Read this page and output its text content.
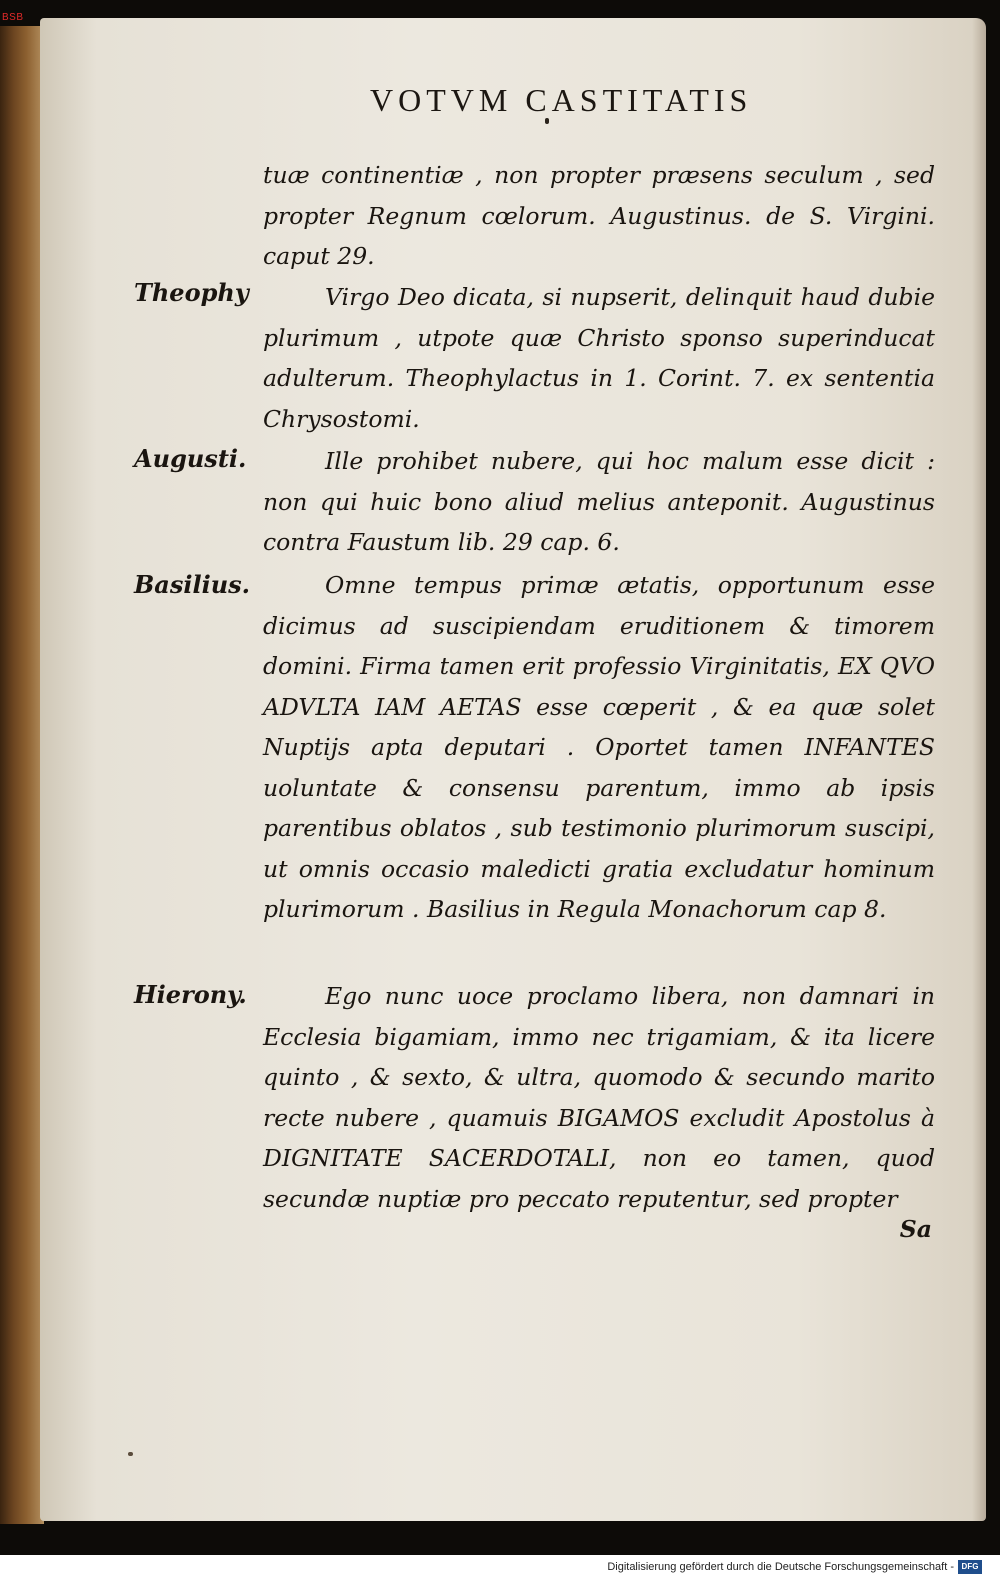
BSB
VOTVM CASTITATIS
Theophy
Augusti.
Basilius.
Hierony.

tuæ continentiæ , non propter præsens seculum , sed propter Regnum cœlorum. Augustinus. de S. Virgini. caput 29.

Virgo Deo dicata, si nupserit, delinquit haud dubie plurimum , utpote quæ Christo sponso superinducat adulterum. Theophylactus in 1. Corint. 7. ex sententia Chrysostomi.

Ille prohibet nubere, qui hoc malum esse dicit : non qui huic bono aliud melius anteponit. Augustinus contra Faustum lib. 29 cap. 6.

Omne tempus primæ ætatis, opportunum esse dicimus ad suscipiendam eruditionem & timorem domini. Firma tamen erit professio Virginitatis, EX QVO ADVLTA IAM AETAS esse cœperit , & ea quæ solet Nuptijs apta deputari . Oportet tamen INFANTES uoluntate & consensu parentum, immo ab ipsis parentibus oblatos , sub testimonio plurimorum suscipi, ut omnis occasio maledicti gratia excludatur hominum plurimorum . Basilius in Regula Monachorum cap 8.

Ego nunc uoce proclamo libera, non damnari in Ecclesia bigamiam, immo nec trigamiam, & ita licere quinto , & sexto, & ultra, quomodo & secundo marito recte nubere , quamuis BIGAMOS excludit Apostolus à DIGNITATE SACERDOTALI, non eo tamen, quod secundæ nuptiæ pro peccato reputentur, sed propter

Sa
Digitalisierung gefördert durch die Deutsche Forschungsgemeinschaft - DFG
